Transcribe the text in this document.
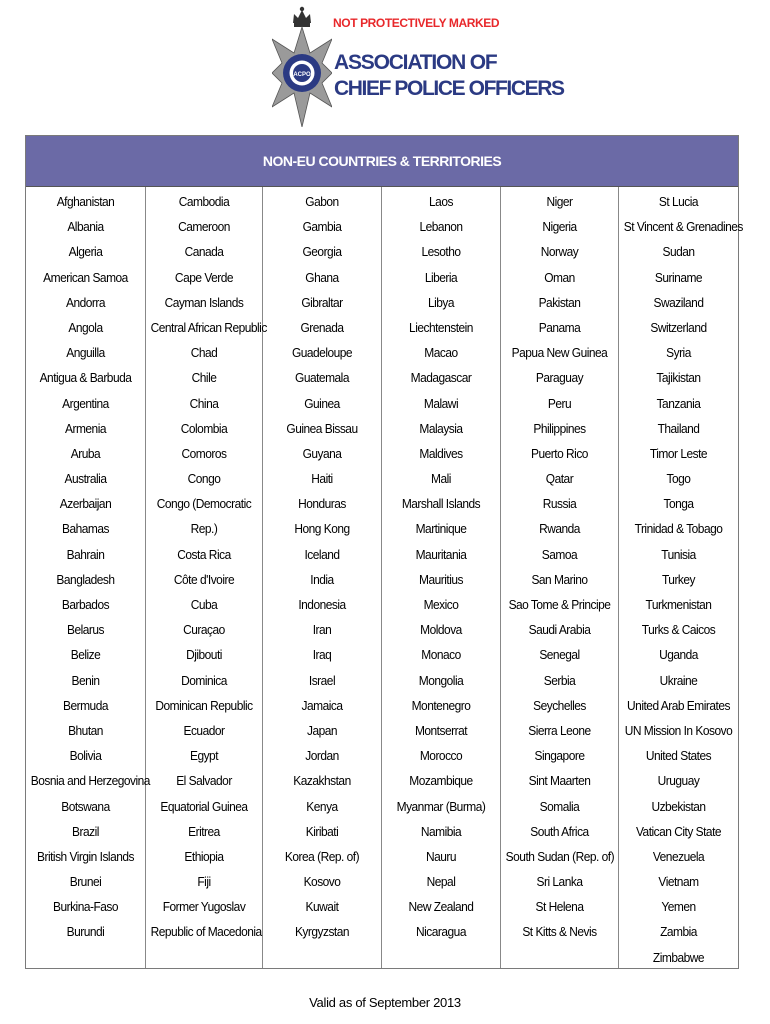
NOT PROTECTIVELY MARKED
ACPO
ASSOCIATION OF
CHIEF POLICE OFFICERS
NON-EU COUNTRIES & TERRITORIES
Afghanistan
Albania
Algeria
American Samoa
Andorra
Angola
Anguilla
Antigua & Barbuda
Argentina
Armenia
Aruba
Australia
Azerbaijan
Bahamas
Bahrain
Bangladesh
Barbados
Belarus
Belize
Benin
Bermuda
Bhutan
Bolivia
Bosnia and Herzegovina
Botswana
Brazil
British Virgin Islands
Brunei
Burkina-Faso
Burundi
Cambodia
Cameroon
Canada
Cape Verde
Cayman Islands
Central African Republic
Chad
Chile
China
Colombia
Comoros
Congo
Congo (Democratic
Rep.)
Costa Rica
Côte d'Ivoire
Cuba
Curaçao
Djibouti
Dominica
Dominican Republic
Ecuador
Egypt
El Salvador
Equatorial Guinea
Eritrea
Ethiopia
Fiji
Former Yugoslav
Republic of Macedonia
Gabon
Gambia
Georgia
Ghana
Gibraltar
Grenada
Guadeloupe
Guatemala
Guinea
Guinea Bissau
Guyana
Haiti
Honduras
Hong Kong
Iceland
India
Indonesia
Iran
Iraq
Israel
Jamaica
Japan
Jordan
Kazakhstan
Kenya
Kiribati
Korea (Rep. of)
Kosovo
Kuwait
Kyrgyzstan
Laos
Lebanon
Lesotho
Liberia
Libya
Liechtenstein
Macao
Madagascar
Malawi
Malaysia
Maldives
Mali
Marshall Islands
Martinique
Mauritania
Mauritius
Mexico
Moldova
Monaco
Mongolia
Montenegro
Montserrat
Morocco
Mozambique
Myanmar (Burma)
Namibia
Nauru
Nepal
New Zealand
Nicaragua
Niger
Nigeria
Norway
Oman
Pakistan
Panama
Papua New Guinea
Paraguay
Peru
Philippines
Puerto Rico
Qatar
Russia
Rwanda
Samoa
San Marino
Sao Tome & Principe
Saudi Arabia
Senegal
Serbia
Seychelles
Sierra Leone
Singapore
Sint Maarten
Somalia
South Africa
South Sudan (Rep. of)
Sri Lanka
St Helena
St Kitts & Nevis
St Lucia
St Vincent & Grenadines
Sudan
Suriname
Swaziland
Switzerland
Syria
Tajikistan
Tanzania
Thailand
Timor Leste
Togo
Tonga
Trinidad & Tobago
Tunisia
Turkey
Turkmenistan
Turks & Caicos
Uganda
Ukraine
United Arab Emirates
UN Mission In Kosovo
United States
Uruguay
Uzbekistan
Vatican City State
Venezuela
Vietnam
Yemen
Zambia
Zimbabwe
Valid as of September 2013
